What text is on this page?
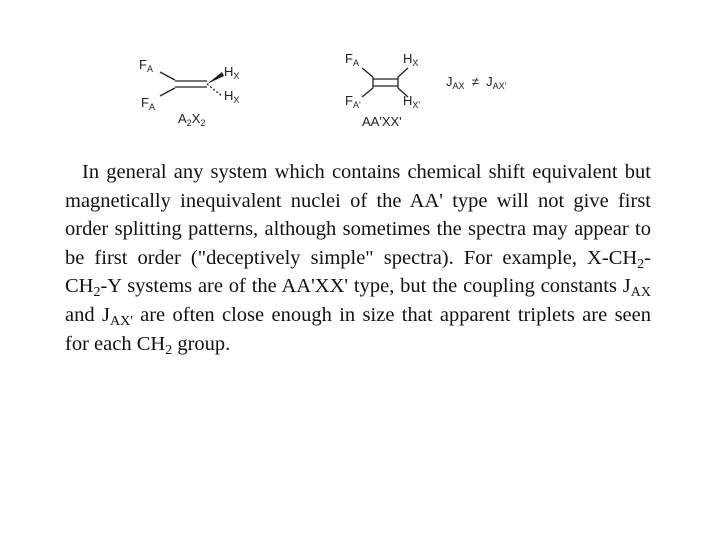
$F_A$
$F_A$
$H_X$
$H_X$
$A_2X_2$
$F_A$
$F_{A'}$
$H_X$
$H_{X'}$
AA'XX'
$J_{AX} \ne J_{AX'}$

In general any system which contains chemical shift equivalent but magnetically inequivalent nuclei of the AA' type will not give first order splitting patterns, although sometimes the spectra may appear to be first order ("deceptively simple" spectra). For example, $X-CH_2-CH_2-Y$ systems are of the AA'XX' type, but the coupling constants $J_{AX}$ and $J_{AX'}$ are often close enough in size that apparent triplets are seen for each $CH_2$ group.
